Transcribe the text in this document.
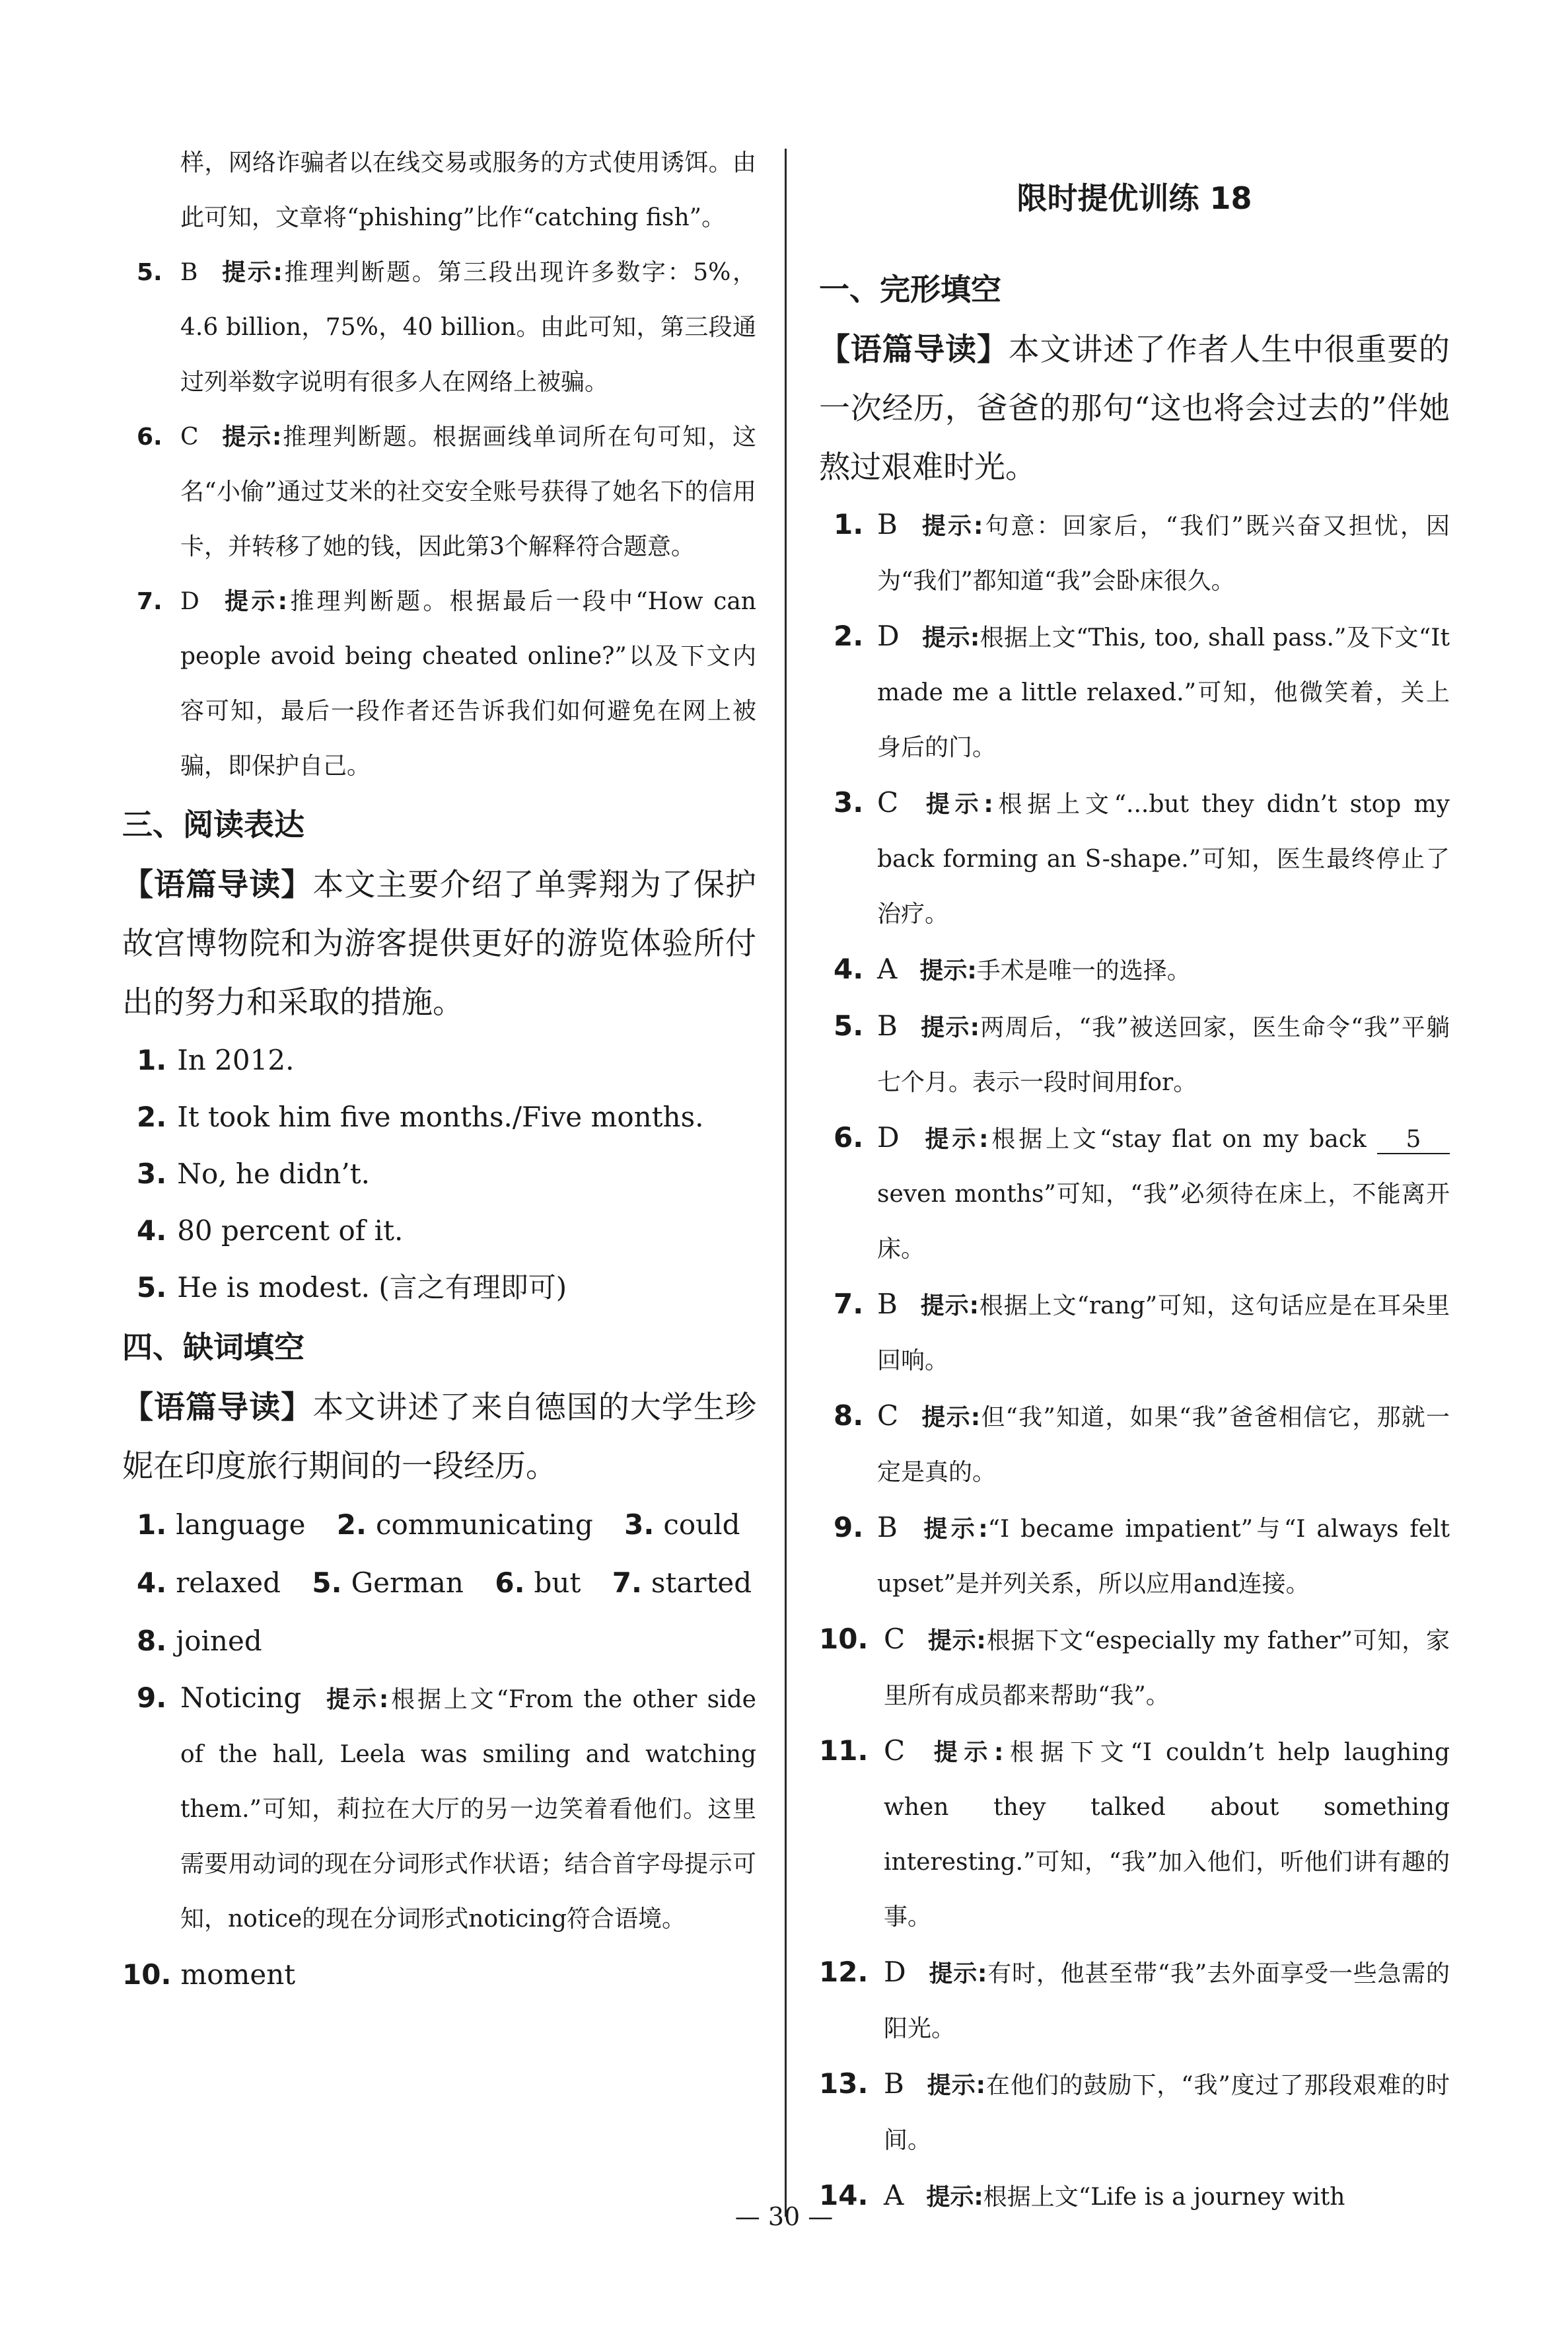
样，网络诈骗者以在线交易或服务的方式使用诱饵。由此可知，文章将“phishing”比作“catching fish”。
5. B 提示:推理判断题。第三段出现许多数字：5%，4.6 billion，75%，40 billion。由此可知，第三段通过列举数字说明有很多人在网络上被骗。
6. C 提示:推理判断题。根据画线单词所在句可知，这名“小偷”通过艾米的社交安全账号获得了她名下的信用卡，并转移了她的钱，因此第3个解释符合题意。
7. D 提示:推理判断题。根据最后一段中“How can people avoid being cheated online?”以及下文内容可知，最后一段作者还告诉我们如何避免在网上被骗，即保护自己。
三、阅读表达
【语篇导读】本文主要介绍了单霁翔为了保护故宫博物院和为游客提供更好的游览体验所付出的努力和采取的措施。
1. In 2012.
2. It took him five months./Five months.
3. No, he didn’t.
4. 80 percent of it.
5. He is modest. (言之有理即可)
四、缺词填空
【语篇导读】本文讲述了来自德国的大学生珍妮在印度旅行期间的一段经历。
1. language 2. communicating 3. could
4. relaxed 5. German 6. but 7. started
8. joined
9. Noticing 提示:根据上文“From the other side of the hall, Leela was smiling and watching them.”可知，莉拉在大厅的另一边笑着看他们。这里需要用动词的现在分词形式作状语；结合首字母提示可知，notice的现在分词形式noticing符合语境。
10. moment
限时提优训练 18
一、完形填空
【语篇导读】本文讲述了作者人生中很重要的一次经历，爸爸的那句“这也将会过去的”伴她熬过艰难时光。
1. B 提示:句意：回家后，“我们”既兴奋又担忧，因为“我们”都知道“我”会卧床很久。
2. D 提示:根据上文“This, too, shall pass.”及下文“It made me a little relaxed.”可知，他微笑着，关上身后的门。
3. C 提示:根据上文“...but they didn’t stop my back forming an S-shape.”可知，医生最终停止了治疗。
4. A 提示:手术是唯一的选择。
5. B 提示:两周后，“我”被送回家，医生命令“我”平躺七个月。表示一段时间用for。
6. D 提示:根据上文“stay flat on my back 5 seven months”可知，“我”必须待在床上，不能离开床。
7. B 提示:根据上文“rang”可知，这句话应是在耳朵里回响。
8. C 提示:但“我”知道，如果“我”爸爸相信它，那就一定是真的。
9. B 提示:“I became impatient”与“I always felt upset”是并列关系，所以应用and连接。
10. C 提示:根据下文“especially my father”可知，家里所有成员都来帮助“我”。
11. C 提示:根据下文“I couldn’t help laughing when they talked about something interesting.”可知，“我”加入他们，听他们讲有趣的事。
12. D 提示:有时，他甚至带“我”去外面享受一些急需的阳光。
13. B 提示:在他们的鼓励下，“我”度过了那段艰难的时间。
14. A 提示:根据上文“Life is a journey with
— 30 —
